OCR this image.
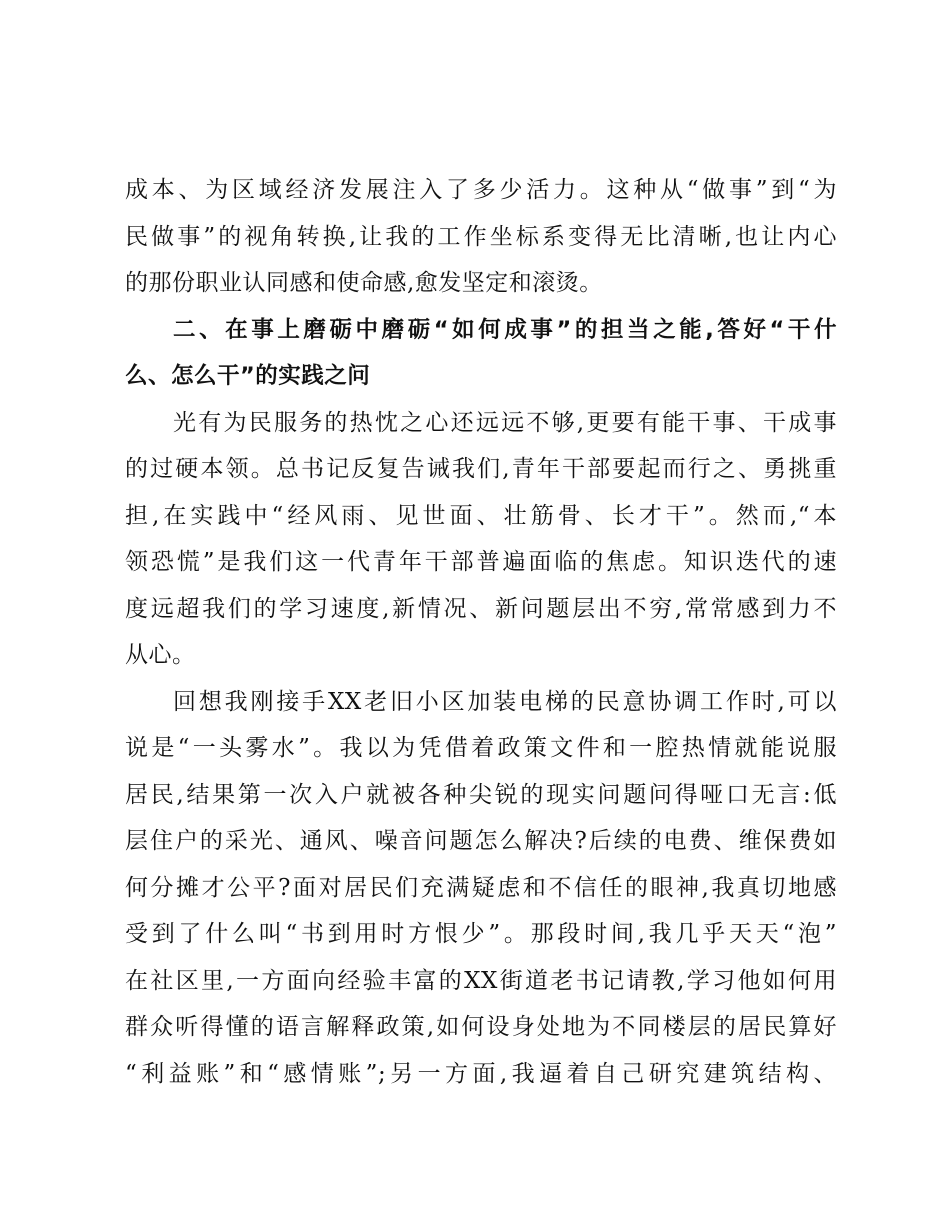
成本、为区域经济发展注入了多少活力。这种从“做事”到“为
民做事”的视角转换,让我的工作坐标系变得无比清晰,也让内心
的那份职业认同感和使命感,愈发坚定和滚烫。
二、在事上磨砺中磨砺“如何成事”的担当之能,答好“干什
么、怎么干”的实践之问
光有为民服务的热忱之心还远远不够,更要有能干事、干成事
的过硬本领。总书记反复告诫我们,青年干部要起而行之、勇挑重
担,在实践中“经风雨、见世面、壮筋骨、长才干”。然而,“本
领恐慌”是我们这一代青年干部普遍面临的焦虑。知识迭代的速
度远超我们的学习速度,新情况、新问题层出不穷,常常感到力不
从心。
回想我刚接手XX老旧小区加装电梯的民意协调工作时,可以
说是“一头雾水”。我以为凭借着政策文件和一腔热情就能说服
居民,结果第一次入户就被各种尖锐的现实问题问得哑口无言:低
层住户的采光、通风、噪音问题怎么解决?后续的电费、维保费如
何分摊才公平?面对居民们充满疑虑和不信任的眼神,我真切地感
受到了什么叫“书到用时方恨少”。那段时间,我几乎天天“泡”
在社区里,一方面向经验丰富的XX街道老书记请教,学习他如何用
群众听得懂的语言解释政策,如何设身处地为不同楼层的居民算好
“利益账”和“感情账”;另一方面,我逼着自己研究建筑结构、
